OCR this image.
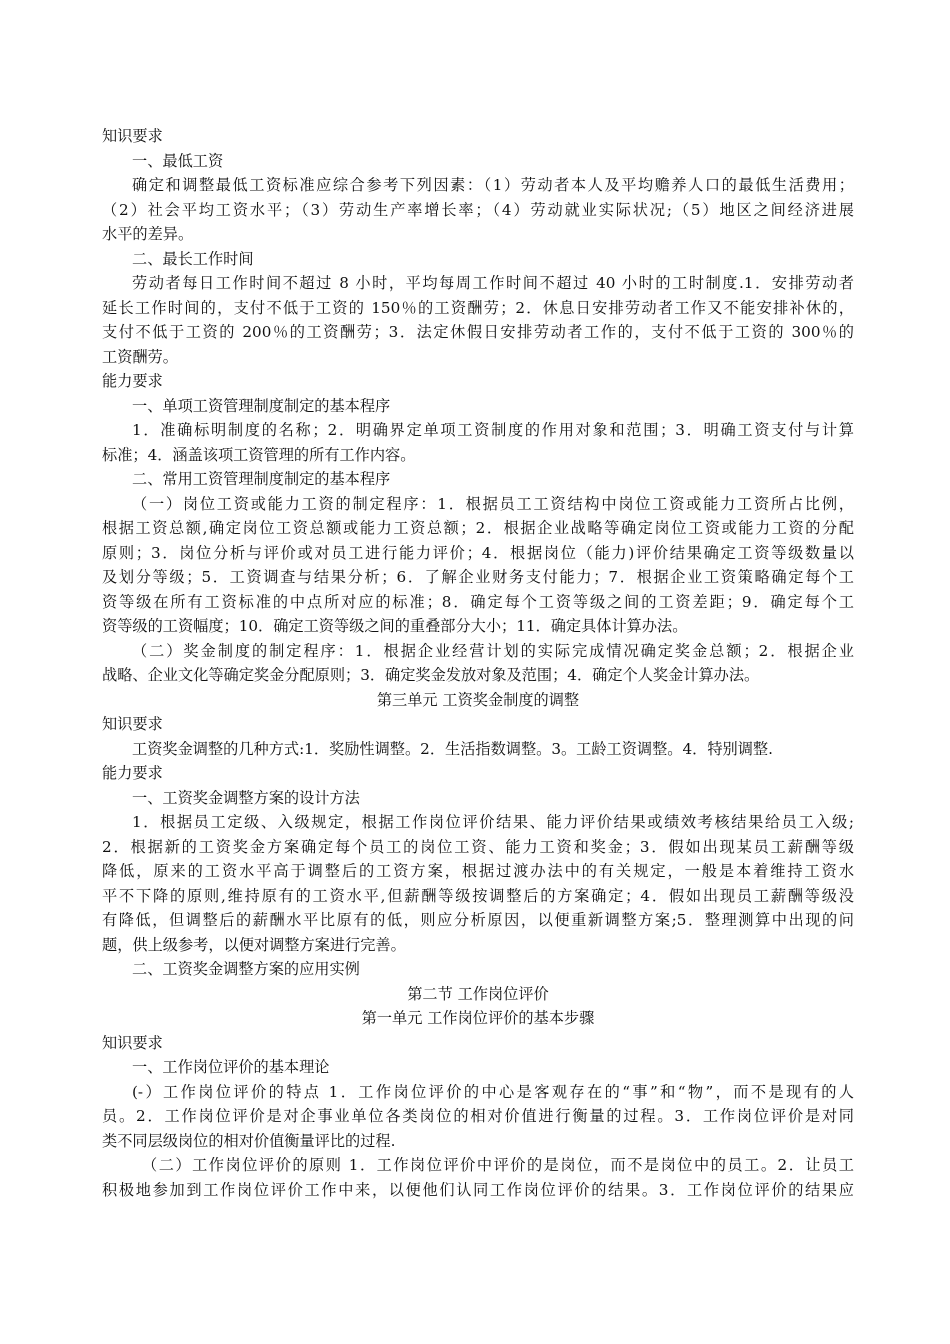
知识要求
一、最低工资
确定和调整最低工资标准应综合参考下列因素：（1）劳动者本人及平均赡养人口的最低生活费用；
（2）社会平均工资水平；（3）劳动生产率增长率；（4）劳动就业实际状况;（5）地区之间经济进展
水平的差异。
二、最长工作时间
劳动者每日工作时间不超过 8 小时，平均每周工作时间不超过 40 小时的工时制度.1．安排劳动者
延长工作时间的，支付不低于工资的 150％的工资酬劳；2．休息日安排劳动者工作又不能安排补休的，
支付不低于工资的 200％的工资酬劳；3．法定休假日安排劳动者工作的，支付不低于工资的 300％的
工资酬劳。
能力要求
一、单项工资管理制度制定的基本程序
1．准确标明制度的名称；2．明确界定单项工资制度的作用对象和范围；3．明确工资支付与计算
标准；4．涵盖该项工资管理的所有工作内容。
二、常用工资管理制度制定的基本程序
（一）岗位工资或能力工资的制定程序：1．根据员工工资结构中岗位工资或能力工资所占比例，
根据工资总额,确定岗位工资总额或能力工资总额；2．根据企业战略等确定岗位工资或能力工资的分配
原则；3．岗位分析与评价或对员工进行能力评价；4．根据岗位（能力)评价结果确定工资等级数量以
及划分等级；5．工资调查与结果分析；6．了解企业财务支付能力；7．根据企业工资策略确定每个工
资等级在所有工资标准的中点所对应的标准；8．确定每个工资等级之间的工资差距；9．确定每个工
资等级的工资幅度；10．确定工资等级之间的重叠部分大小；11．确定具体计算办法。
（二）奖金制度的制定程序：1．根据企业经营计划的实际完成情况确定奖金总额；2．根据企业
战略、企业文化等确定奖金分配原则；3．确定奖金发放对象及范围；4．确定个人奖金计算办法。
第三单元 工资奖金制度的调整
知识要求
工资奖金调整的几种方式:1．奖励性调整。2．生活指数调整。3。工龄工资调整。4．特别调整.
能力要求
一、工资奖金调整方案的设计方法
1．根据员工定级、入级规定，根据工作岗位评价结果、能力评价结果或绩效考核结果给员工入级;
2．根据新的工资奖金方案确定每个员工的岗位工资、能力工资和奖金；3．假如出现某员工薪酬等级
降低，原来的工资水平高于调整后的工资方案，根据过渡办法中的有关规定，一般是本着维持工资水
平不下降的原则,维持原有的工资水平,但薪酬等级按调整后的方案确定；4．假如出现员工薪酬等级没
有降低，但调整后的薪酬水平比原有的低，则应分析原因，以便重新调整方案;5．整理测算中出现的问
题，供上级参考，以便对调整方案进行完善。
二、工资奖金调整方案的应用实例
第二节 工作岗位评价
第一单元 工作岗位评价的基本步骤
知识要求
一、工作岗位评价的基本理论
(-）工作岗位评价的特点 1．工作岗位评价的中心是客观存在的“事”和“物”，而不是现有的人
员。2．工作岗位评价是对企事业单位各类岗位的相对价值进行衡量的过程。3．工作岗位评价是对同
类不同层级岗位的相对价值衡量评比的过程.
（二）工作岗位评价的原则 1．工作岗位评价中评价的是岗位，而不是岗位中的员工。2．让员工
积极地参加到工作岗位评价工作中来，以便他们认同工作岗位评价的结果。3．工作岗位评价的结果应
